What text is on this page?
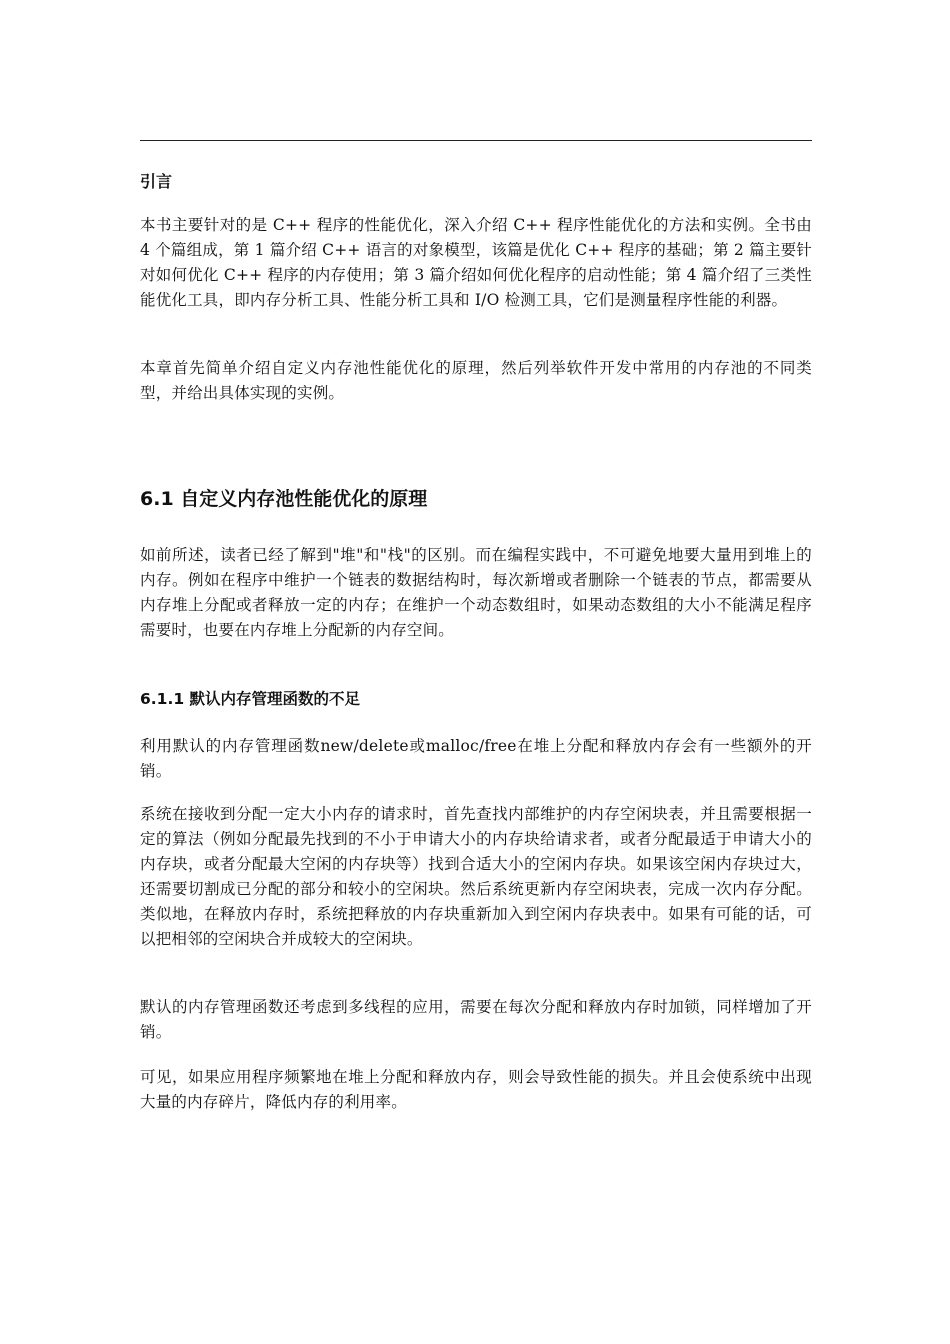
引言

本书主要针对的是 C++ 程序的性能优化，深入介绍 C++ 程序性能优化的方法和实例。全书由 4 个篇组成，第 1 篇介绍 C++ 语言的对象模型，该篇是优化 C++ 程序的基础；第 2 篇主要针对如何优化 C++ 程序的内存使用；第 3 篇介绍如何优化程序的启动性能；第 4 篇介绍了三类性能优化工具，即内存分析工具、性能分析工具和 I/O 检测工具，它们是测量程序性能的利器。

本章首先简单介绍自定义内存池性能优化的原理，然后列举软件开发中常用的内存池的不同类型，并给出具体实现的实例。

6.1 自定义内存池性能优化的原理

如前所述，读者已经了解到"堆"和"栈"的区别。而在编程实践中，不可避免地要大量用到堆上的内存。例如在程序中维护一个链表的数据结构时，每次新增或者删除一个链表的节点，都需要从内存堆上分配或者释放一定的内存；在维护一个动态数组时，如果动态数组的大小不能满足程序需要时，也要在内存堆上分配新的内存空间。

6.1.1 默认内存管理函数的不足

利用默认的内存管理函数new/delete或malloc/free在堆上分配和释放内存会有一些额外的开销。

系统在接收到分配一定大小内存的请求时，首先查找内部维护的内存空闲块表，并且需要根据一定的算法（例如分配最先找到的不小于申请大小的内存块给请求者，或者分配最适于申请大小的内存块，或者分配最大空闲的内存块等）找到合适大小的空闲内存块。如果该空闲内存块过大，还需要切割成已分配的部分和较小的空闲块。然后系统更新内存空闲块表，完成一次内存分配。类似地，在释放内存时，系统把释放的内存块重新加入到空闲内存块表中。如果有可能的话，可以把相邻的空闲块合并成较大的空闲块。

默认的内存管理函数还考虑到多线程的应用，需要在每次分配和释放内存时加锁，同样增加了开销。

可见，如果应用程序频繁地在堆上分配和释放内存，则会导致性能的损失。并且会使系统中出现大量的内存碎片，降低内存的利用率。
